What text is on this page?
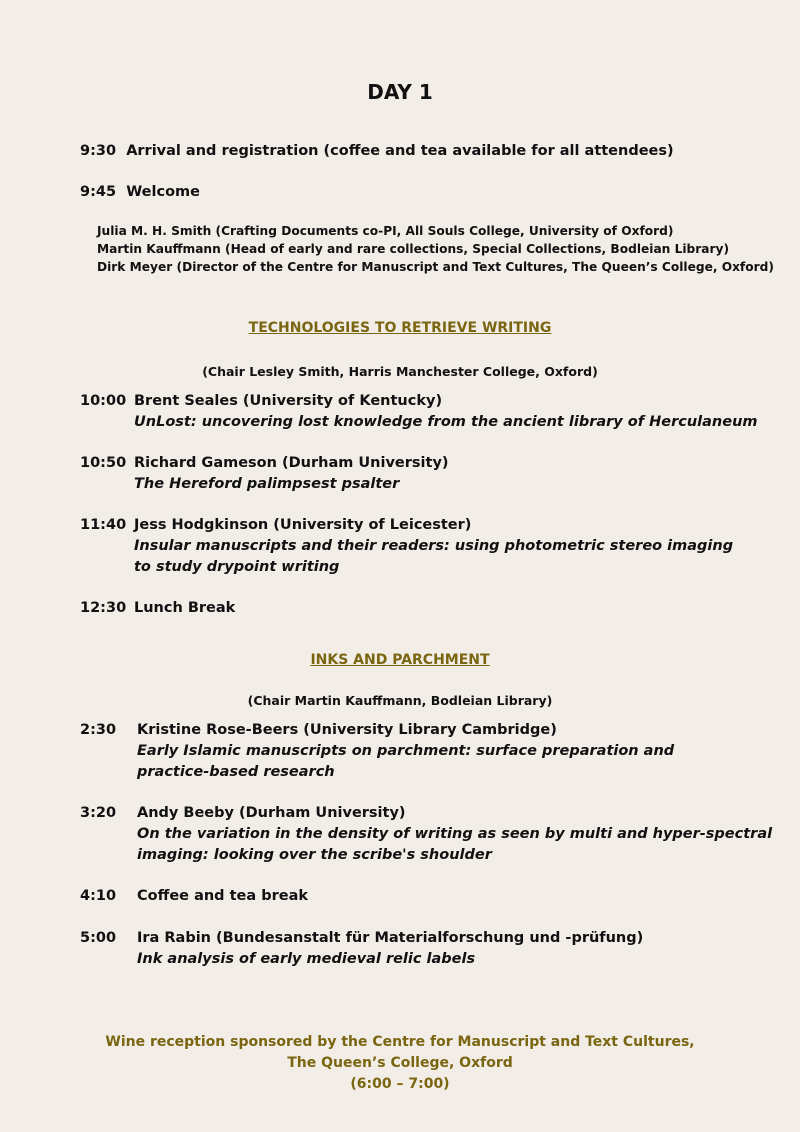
DAY 1
9:30 Arrival and registration (coffee and tea available for all attendees)
9:45 Welcome
Julia M. H. Smith (Crafting Documents co-PI, All Souls College, University of Oxford)
Martin Kauffmann (Head of early and rare collections, Special Collections, Bodleian Library)
Dirk Meyer (Director of the Centre for Manuscript and Text Cultures, The Queen’s College, Oxford)
TECHNOLOGIES TO RETRIEVE WRITING
(Chair Lesley Smith, Harris Manchester College, Oxford)
10:00 Brent Seales (University of Kentucky)
UnLost: uncovering lost knowledge from the ancient library of Herculaneum
10:50 Richard Gameson (Durham University)
The Hereford palimpsest psalter
11:40 Jess Hodgkinson (University of Leicester)
Insular manuscripts and their readers: using photometric stereo imaging
to study drypoint writing
12:30 Lunch Break
INKS AND PARCHMENT
(Chair Martin Kauffmann, Bodleian Library)
2:30 Kristine Rose-Beers (University Library Cambridge)
Early Islamic manuscripts on parchment: surface preparation and
practice-based research
3:20 Andy Beeby (Durham University)
On the variation in the density of writing as seen by multi and hyper-spectral
imaging: looking over the scribe's shoulder
4:10 Coffee and tea break
5:00 Ira Rabin (Bundesanstalt für Materialforschung und -prüfung)
Ink analysis of early medieval relic labels
Wine reception sponsored by the Centre for Manuscript and Text Cultures,
The Queen’s College, Oxford
(6:00 – 7:00)
